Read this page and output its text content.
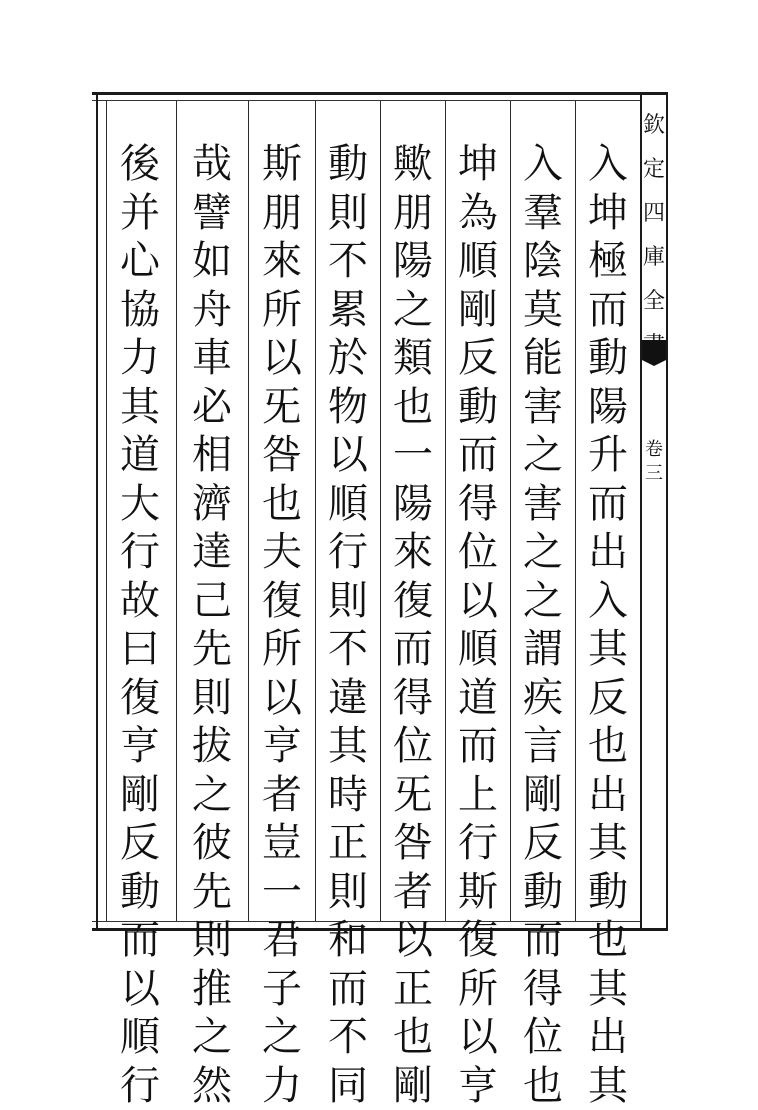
欽
定
四
庫
全
卷
三
入
坤
極
而
動
陽
升
而
出
入
其
反
也
出
其
動
也
其
出
其
入
羣
陰
莫
能
害
之
害
之
之
謂
疾
言
剛
反
動
而
得
位
也
坤
為
順
剛
反
動
而
得
位
以
順
道
而
上
行
斯
復
所
以
亨
歟
朋
陽
之
類
也
一
陽
來
復
而
得
位
旡
咎
者
以
正
也
剛
動
則
不
累
於
物
以
順
行
則
不
違
其
時
正
則
和
而
不
同
斯
朋
來
所
以
旡
咎
也
夫
復
所
以
亨
者
豈
一
君
子
之
力
哉
譬
如
舟
車
必
相
濟
達
己
先
則
拔
之
彼
先
則
推
之
然
後
并
心
協
力
其
道
大
行
故
曰
復
亨
剛
反
動
而
以
順
行
